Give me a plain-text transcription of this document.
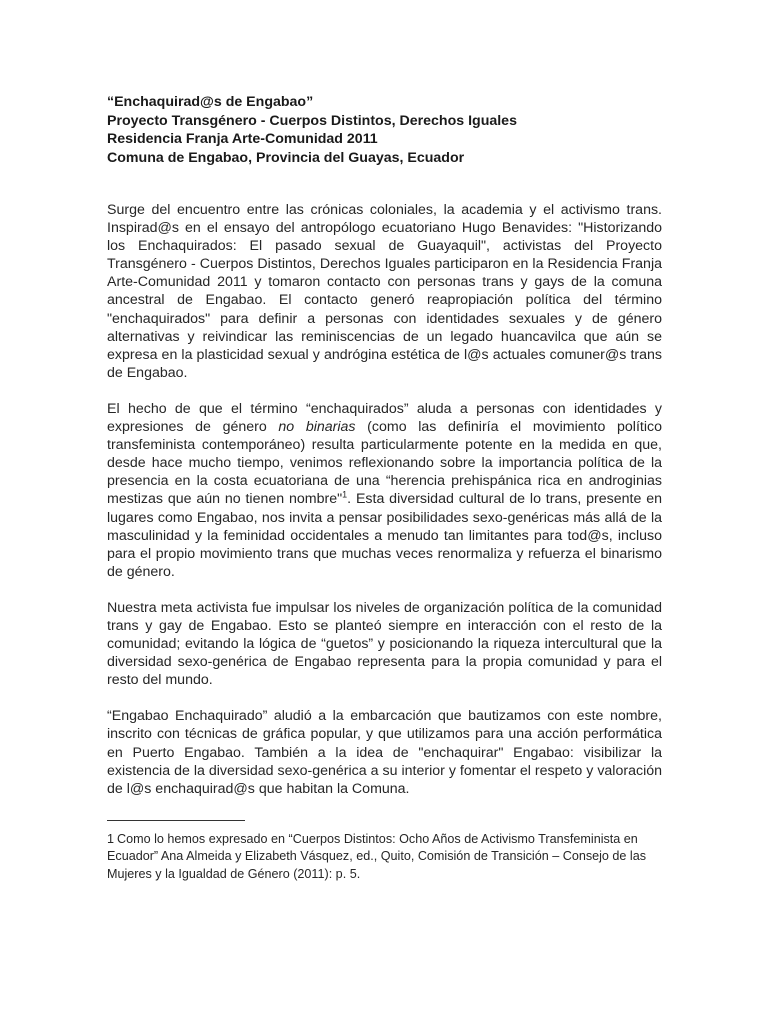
“Enchaquirad@s de Engabao”

Proyecto Transgénero - Cuerpos Distintos, Derechos Iguales

Residencia Franja Arte-Comunidad 2011

Comuna de Engabao, Provincia del Guayas, Ecuador

Surge del encuentro entre las crónicas coloniales, la academia y el activismo trans. Inspirad@s en el ensayo del antropólogo ecuatoriano Hugo Benavides: "Historizando los Enchaquirados: El pasado sexual de Guayaquil", activistas del Proyecto Transgénero - Cuerpos Distintos, Derechos Iguales participaron en la Residencia Franja Arte-Comunidad 2011 y tomaron contacto con personas trans y gays de la comuna ancestral de Engabao. El contacto generó reapropiación política del término "enchaquirados" para definir a personas con identidades sexuales y de género alternativas y reivindicar las reminiscencias de un legado huancavilca que aún se expresa en la plasticidad sexual y andrógina estética de l@s actuales comuner@s trans de Engabao.

El hecho de que el término “enchaquirados” aluda a personas con identidades y expresiones de género no binarias (como las definiría el movimiento político transfeminista contemporáneo) resulta particularmente potente en la medida en que, desde hace mucho tiempo, venimos reflexionando sobre la importancia política de la presencia en la costa ecuatoriana de una “herencia prehispánica rica en androginias mestizas que aún no tienen nombre"$^1$. Esta diversidad cultural de lo trans, presente en lugares como Engabao, nos invita a pensar posibilidades sexo-genéricas más allá de la masculinidad y la feminidad occidentales a menudo tan limitantes para tod@s, incluso para el propio movimiento trans que muchas veces renormaliza y refuerza el binarismo de género.

Nuestra meta activista fue impulsar los niveles de organización política de la comunidad trans y gay de Engabao. Esto se planteó siempre en interacción con el resto de la comunidad; evitando la lógica de “guetos” y posicionando la riqueza intercultural que la diversidad sexo-genérica de Engabao representa para la propia comunidad y para el resto del mundo.

“Engabao Enchaquirado” aludió a la embarcación que bautizamos con este nombre, inscrito con técnicas de gráfica popular, y que utilizamos para una acción performática en Puerto Engabao. También a la idea de "enchaquirar" Engabao: visibilizar la existencia de la diversidad sexo-genérica a su interior y fomentar el respeto y valoración de l@s enchaquirad@s que habitan la Comuna.

1 Como lo hemos expresado en “Cuerpos Distintos: Ocho Años de Activismo Transfeminista en Ecuador” Ana Almeida y Elizabeth Vásquez, ed., Quito, Comisión de Transición – Consejo de las Mujeres y la Igualdad de Género (2011): p. 5.
